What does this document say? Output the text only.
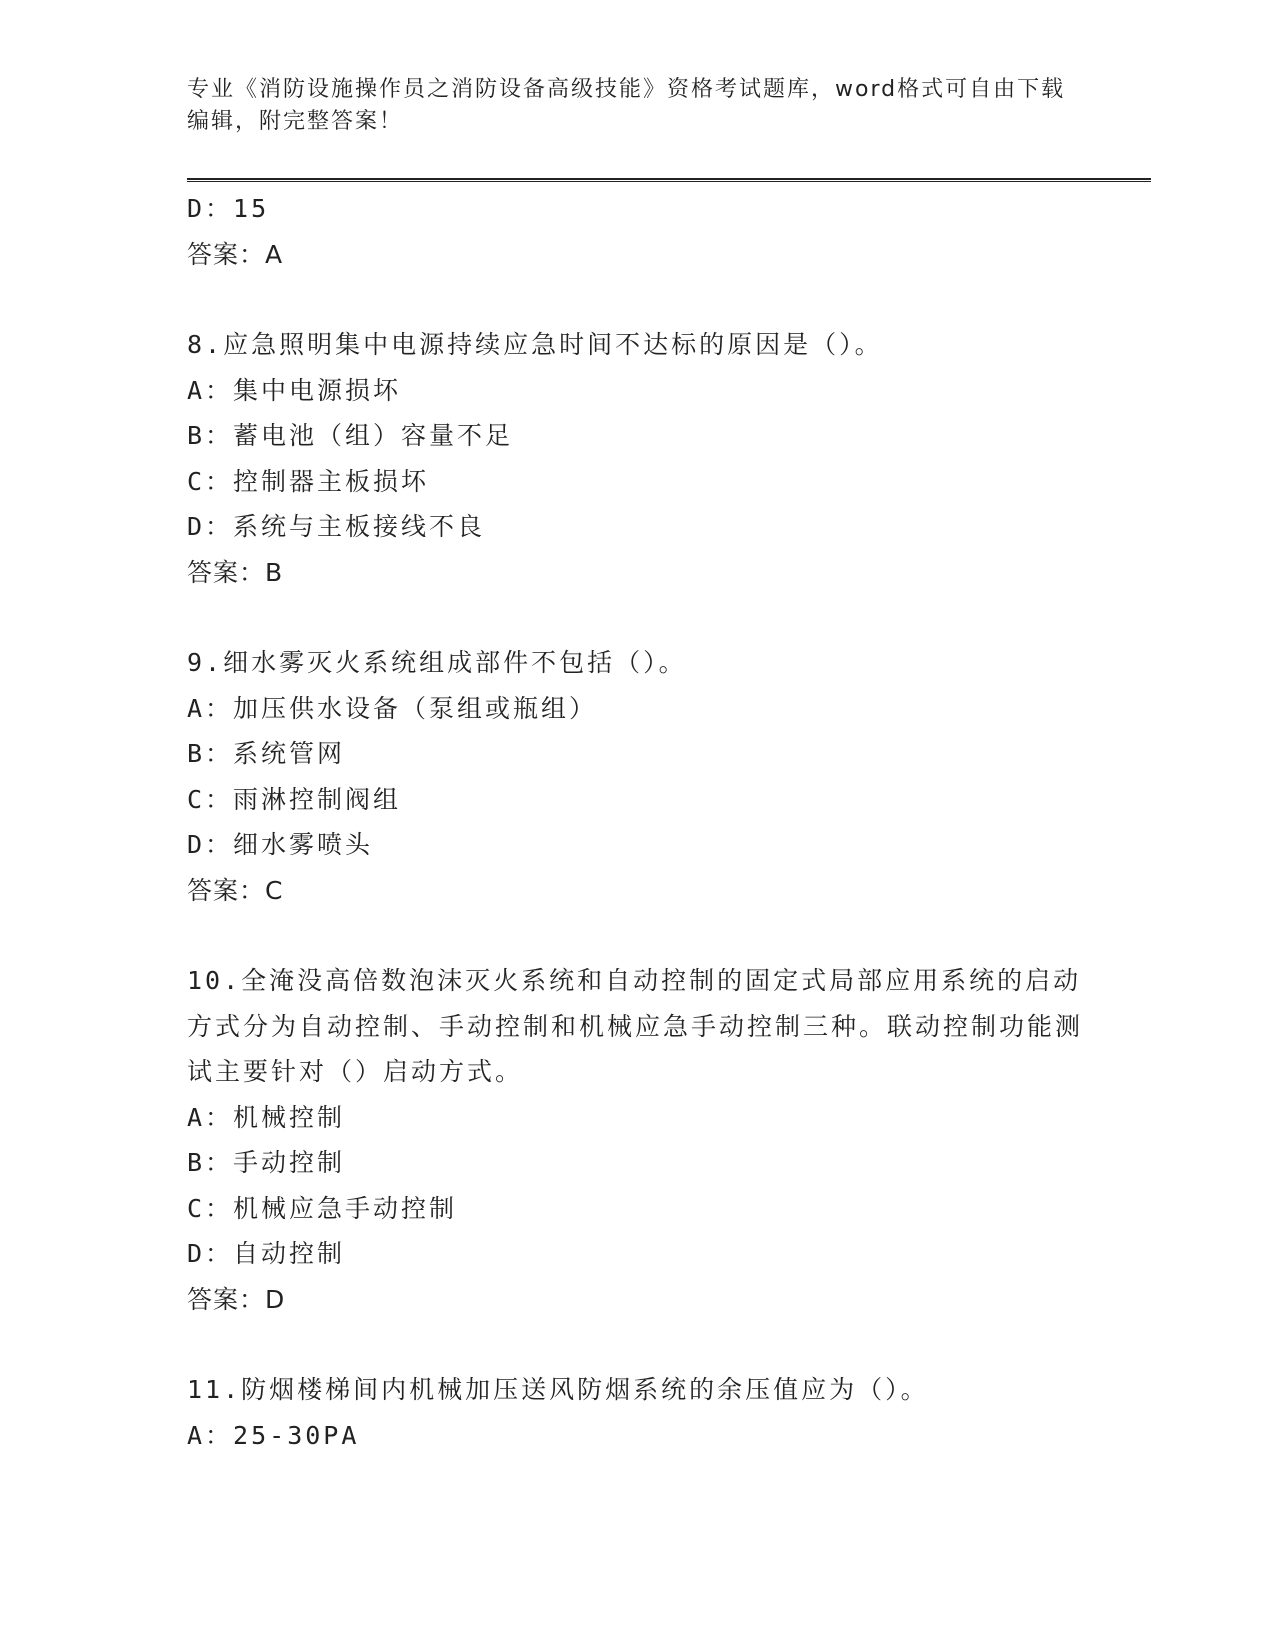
专业《消防设施操作员之消防设备高级技能》资格考试题库，word格式可自由下载编辑，附完整答案！
D：15
答案：A
8.应急照明集中电源持续应急时间不达标的原因是（）。
A：集中电源损坏
B：蓄电池（组）容量不足
C：控制器主板损坏
D：系统与主板接线不良
答案：B
9.细水雾灭火系统组成部件不包括（）。
A：加压供水设备（泵组或瓶组）
B：系统管网
C：雨淋控制阀组
D：细水雾喷头
答案：C
10.全淹没高倍数泡沫灭火系统和自动控制的固定式局部应用系统的启动方式分为自动控制、手动控制和机械应急手动控制三种。联动控制功能测试主要针对（）启动方式。
A：机械控制
B：手动控制
C：机械应急手动控制
D：自动控制
答案：D
11.防烟楼梯间内机械加压送风防烟系统的余压值应为（）。
A：25-30PA
